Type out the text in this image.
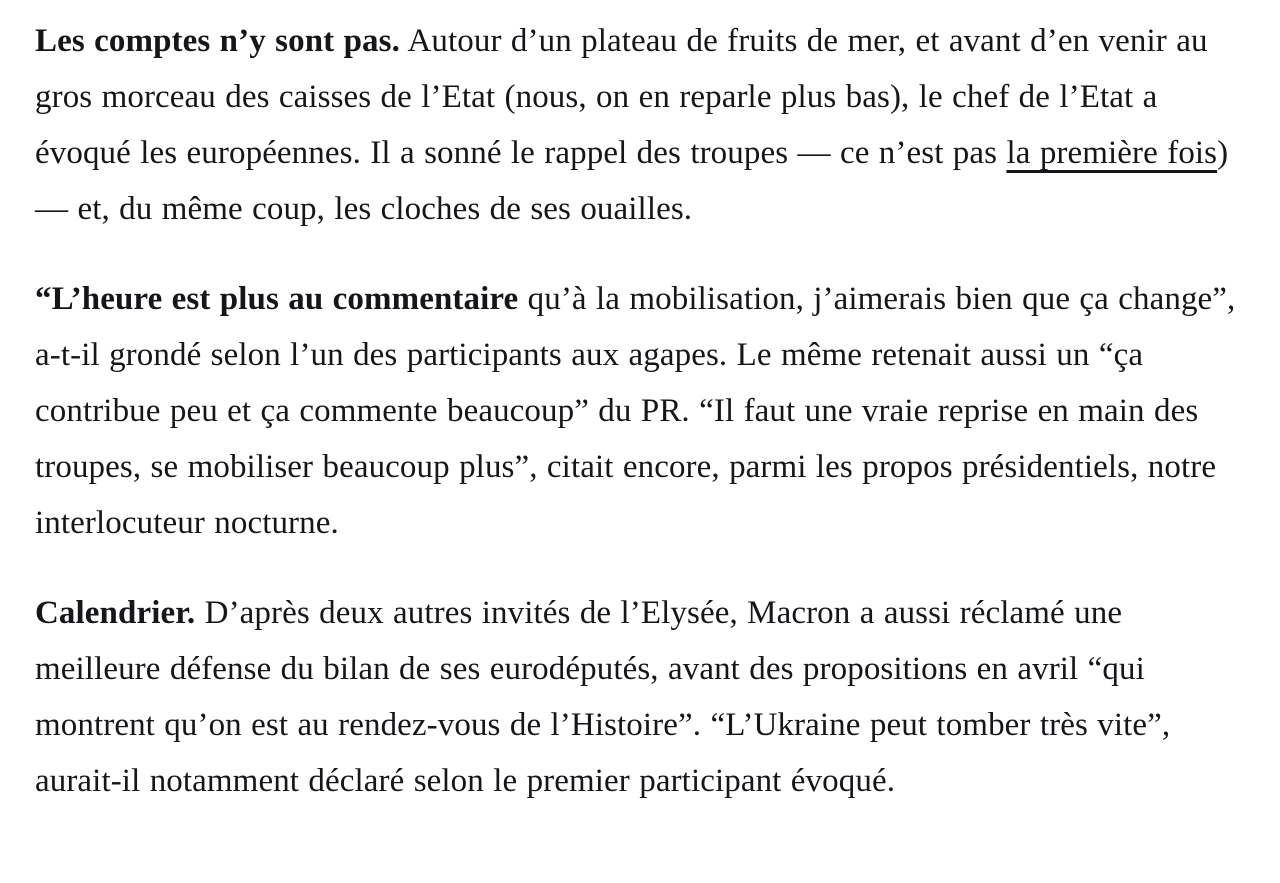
Les comptes n’y sont pas. Autour d’un plateau de fruits de mer, et avant d’en venir au gros morceau des caisses de l’Etat (nous, on en reparle plus bas), le chef de l’Etat a évoqué les européennes. Il a sonné le rappel des troupes — ce n’est pas la première fois) — et, du même coup, les cloches de ses ouailles.

“L’heure est plus au commentaire qu’à la mobilisation, j’aimerais bien que ça change”, a-t-il grondé selon l’un des participants aux agapes. Le même retenait aussi un “ça contribue peu et ça commente beaucoup” du PR. “Il faut une vraie reprise en main des troupes, se mobiliser beaucoup plus”, citait encore, parmi les propos présidentiels, notre interlocuteur nocturne.

Calendrier. D’après deux autres invités de l’Elysée, Macron a aussi réclamé une meilleure défense du bilan de ses eurodéputés, avant des propositions en avril “qui montrent qu’on est au rendez-vous de l’Histoire”. “L’Ukraine peut tomber très vite”, aurait-il notamment déclaré selon le premier participant évoqué.
